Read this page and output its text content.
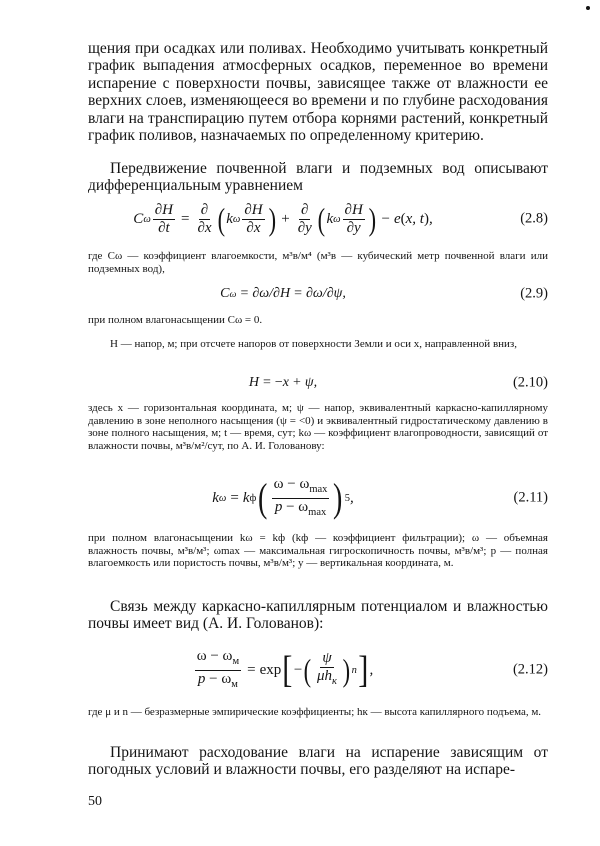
щения при осадках или поливах. Необходимо учитывать конкретный график выпадения атмосферных осадков, переменное во времени испарение с поверхности почвы, зависящее также от влажности ее верхних слоев, изменяющееся во времени и по глубине расходования влаги на транспирацию путем отбора корнями растений, конкретный график поливов, назначаемых по определенному критерию.
Передвижение почвенной влаги и подземных вод описывают дифференциальным уравнением
C ω $\frac{\partial H}{\partial t} = \frac{\partial}{\partial x}$ ( k ω $\frac{\partial H}{\partial x}$ ) + $\frac{\partial}{\partial y}$ ( k ω $\frac{\partial H}{\partial y}$ ) − e ( x, t ) ,	(2.8)
где Cω — коэффициент влагоемкости, м³в/м⁴ (м³в — кубический метр почвенной влаги или подземных вод),
C ω = ∂ ω/ ∂ H = ∂ ω/ ∂ ψ,	(2.9)
при полном влагонасыщении Cω = 0.
H — напор, м; при отсчете напоров от поверхности Земли и оси x, направленной вниз,
H = − x + ψ,	(2.10)
здесь x — горизонтальная координата, м; ψ — напор, эквивалентный каркасно-капиллярному давлению в зоне неполного насыщения (ψ = <0) и эквивалентный гидростатическому давлению в зоне полного насыщения, м; t — время, сут; kω — коэффициент влагопроводности, зависящий от влажности почвы, м³в/м²/сут, по А. И. Голованову:
k ω = k ф ( $\frac{\omega - \omega_{max}}{p - \omega_{max}}$ ) 5 ,	(2.11)
при полном влагонасыщении kω = kф (kф — коэффициент фильтрации); ω — объемная влажность почвы, м³в/м³; ωmax — максимальная гигроскопичность почвы, м³в/м³; p — полная влагоемкость или пористость почвы, м³в/м³; y — вертикальная координата, м.
Связь между каркасно-капиллярным потенциалом и влажностью почвы имеет вид (А. И. Голованов):
$\frac{\omega - \omega_м}{p - \omega_м} = \exp$ [ − ( $\frac{\psi}{\mu h_к}$ ) n ] ,	(2.12)
где μ и n — безразмерные эмпирические коэффициенты; hк — высота капиллярного подъема, м.
Принимают расходование влаги на испарение зависящим от погодных условий и влажности почвы, его разделяют на испаре-
50
